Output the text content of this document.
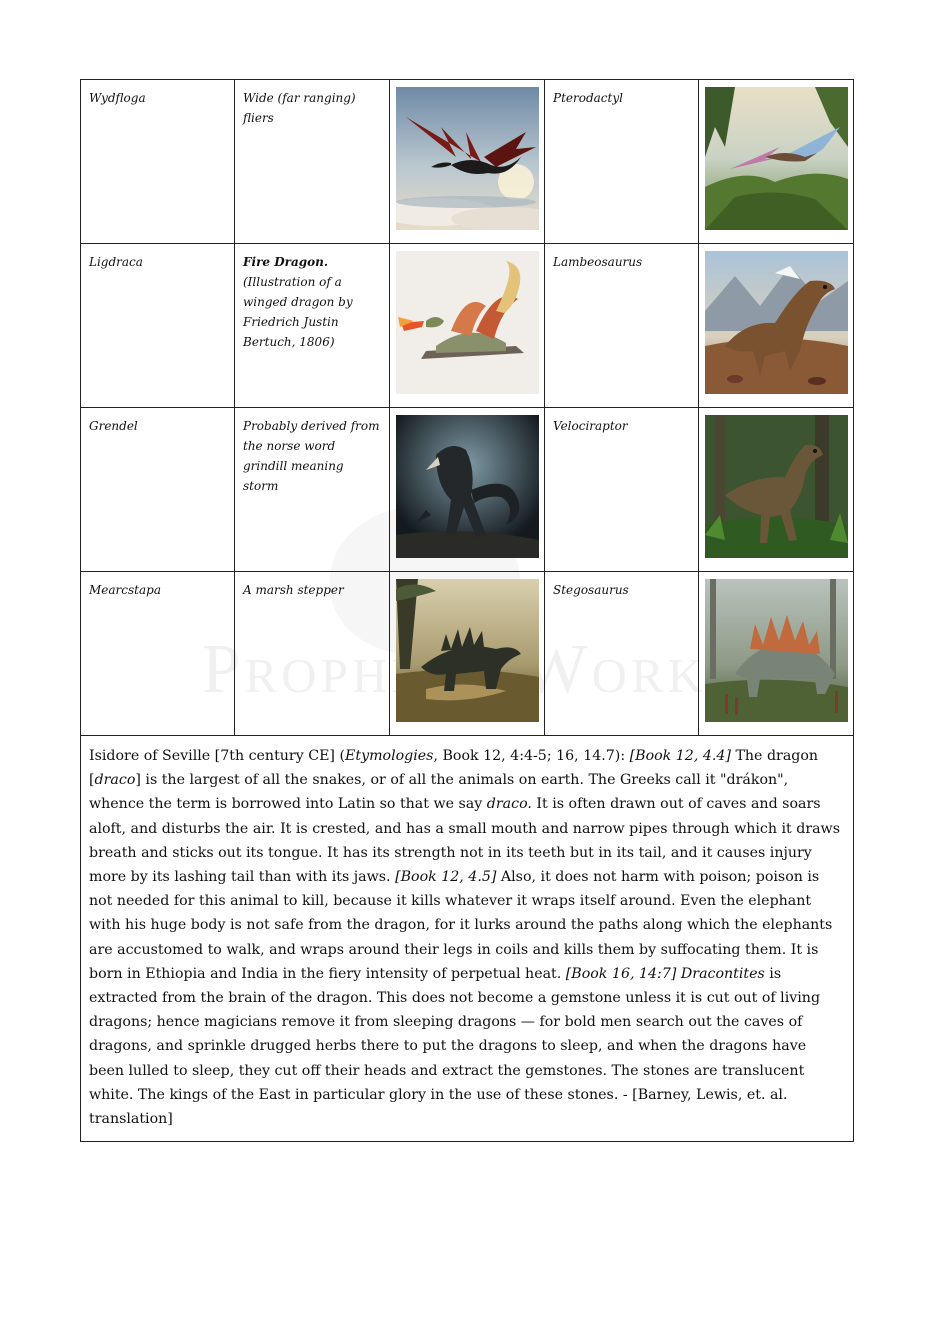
Prophecy Works
Wydfloga	Wide (far ranging) fliers		Pterodactyl	

Ligdraca	Fire Dragon. (Illustration of a winged dragon by Friedrich Justin Bertuch, 1806)		Lambeosaurus	

Grendel	Probably derived from the norse word grindill meaning storm		Velociraptor	

Mearcstapa	A marsh stepper		Stegosaurus	

Isidore of Seville [7th century CE] (Etymologies, Book 12, 4:4-5; 16, 14.7): [Book 12, 4.4] The dragon [draco] is the largest of all the snakes, or of all the animals on earth. The Greeks call it "drákon", whence the term is borrowed into Latin so that we say draco. It is often drawn out of caves and soars aloft, and disturbs the air. It is crested, and has a small mouth and narrow pipes through which it draws breath and sticks out its tongue. It has its strength not in its teeth but in its tail, and it causes injury more by its lashing tail than with its jaws. [Book 12, 4.5] Also, it does not harm with poison; poison is not needed for this animal to kill, because it kills whatever it wraps itself around. Even the elephant with his huge body is not safe from the dragon, for it lurks around the paths along which the elephants are accustomed to walk, and wraps around their legs in coils and kills them by suffocating them. It is born in Ethiopia and India in the fiery intensity of perpetual heat. [Book 16, 14:7] Dracontites is extracted from the brain of the dragon. This does not become a gemstone unless it is cut out of living dragons; hence magicians remove it from sleeping dragons — for bold men search out the caves of dragons, and sprinkle drugged herbs there to put the dragons to sleep, and when the dragons have been lulled to sleep, they cut off their heads and extract the gemstones. The stones are translucent white. The kings of the East in particular glory in the use of these stones. - [Barney, Lewis, et. al. translation]				
